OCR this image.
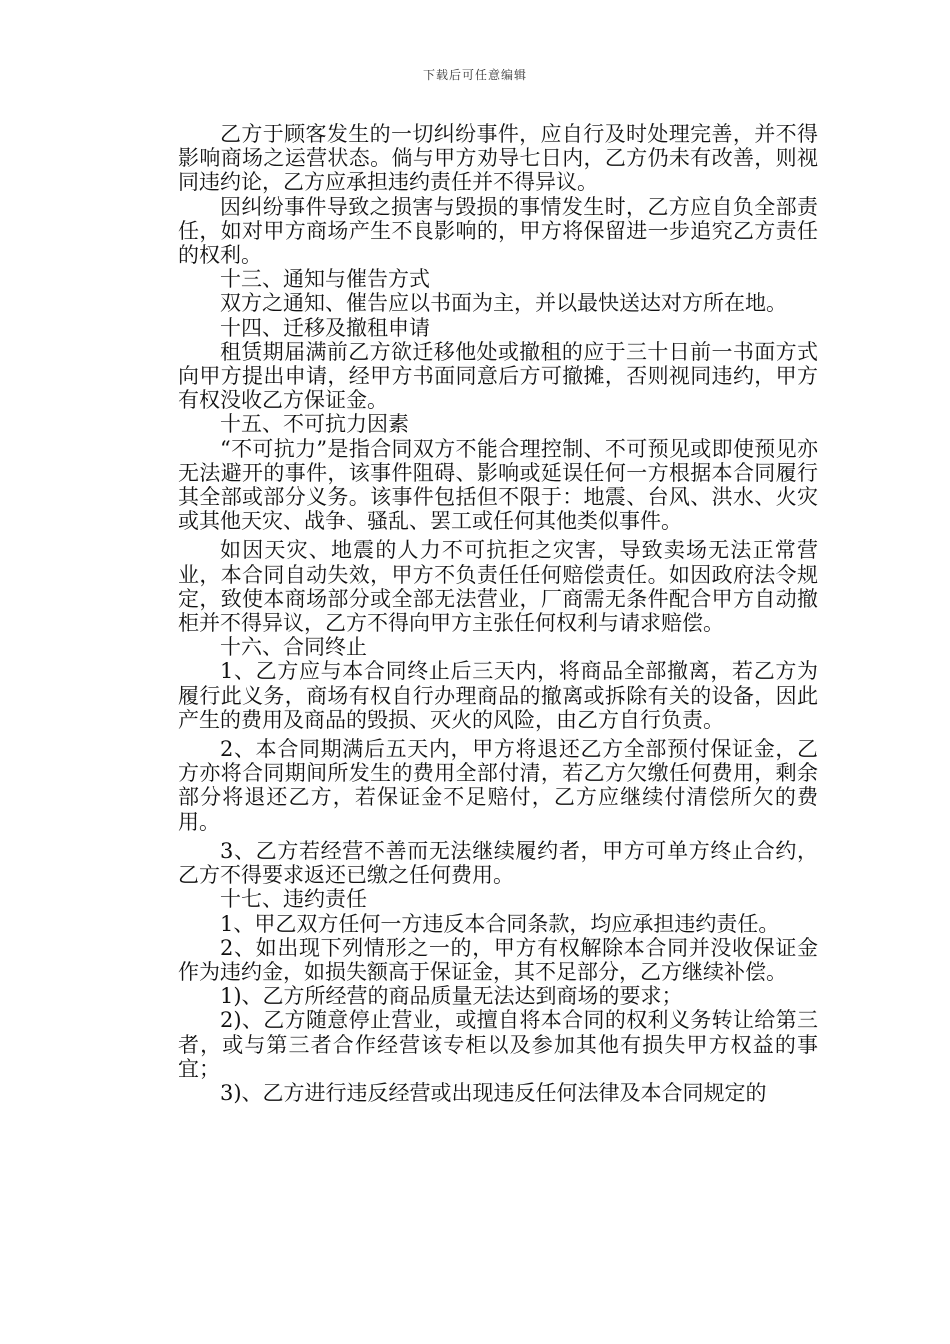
下载后可任意编辑

乙方于顾客发生的一切纠纷事件，应自行及时处理完善，并不得影响商场之运营状态。倘与甲方劝导七日内，乙方仍未有改善，则视同违约论，乙方应承担违约责任并不得异议。

因纠纷事件导致之损害与毁损的事情发生时，乙方应自负全部责任，如对甲方商场产生不良影响的，甲方将保留进一步追究乙方责任的权利。

十三、通知与催告方式

双方之通知、催告应以书面为主，并以最快送达对方所在地。

十四、迁移及撤租申请

租赁期届满前乙方欲迁移他处或撤租的应于三十日前一书面方式向甲方提出申请，经甲方书面同意后方可撤摊，否则视同违约，甲方有权没收乙方保证金。

十五、不可抗力因素

“不可抗力”是指合同双方不能合理控制、不可预见或即使预见亦无法避开的事件，该事件阻碍、影响或延误任何一方根据本合同履行其全部或部分义务。该事件包括但不限于：地震、台风、洪水、火灾或其他天灾、战争、骚乱、罢工或任何其他类似事件。

如因天灾、地震的人力不可抗拒之灾害，导致卖场无法正常营业，本合同自动失效，甲方不负责任任何赔偿责任。如因政府法令规定，致使本商场部分或全部无法营业，厂商需无条件配合甲方自动撤柜并不得异议，乙方不得向甲方主张任何权利与请求赔偿。

十六、合同终止

1、乙方应与本合同终止后三天内，将商品全部撤离，若乙方为履行此义务，商场有权自行办理商品的撤离或拆除有关的设备，因此产生的费用及商品的毁损、灭火的风险，由乙方自行负责。

2、本合同期满后五天内，甲方将退还乙方全部预付保证金，乙方亦将合同期间所发生的费用全部付清，若乙方欠缴任何费用，剩余部分将退还乙方，若保证金不足赔付，乙方应继续付清偿所欠的费用。

3、乙方若经营不善而无法继续履约者，甲方可单方终止合约，乙方不得要求返还已缴之任何费用。

十七、违约责任

1、甲乙双方任何一方违反本合同条款，均应承担违约责任。

2、如出现下列情形之一的，甲方有权解除本合同并没收保证金作为违约金，如损失额高于保证金，其不足部分，乙方继续补偿。

1)、乙方所经营的商品质量无法达到商场的要求；

2)、乙方随意停止营业，或擅自将本合同的权利义务转让给第三者，或与第三者合作经营该专柜以及参加其他有损失甲方权益的事宜；

3)、乙方进行违反经营或出现违反任何法律及本合同规定的
